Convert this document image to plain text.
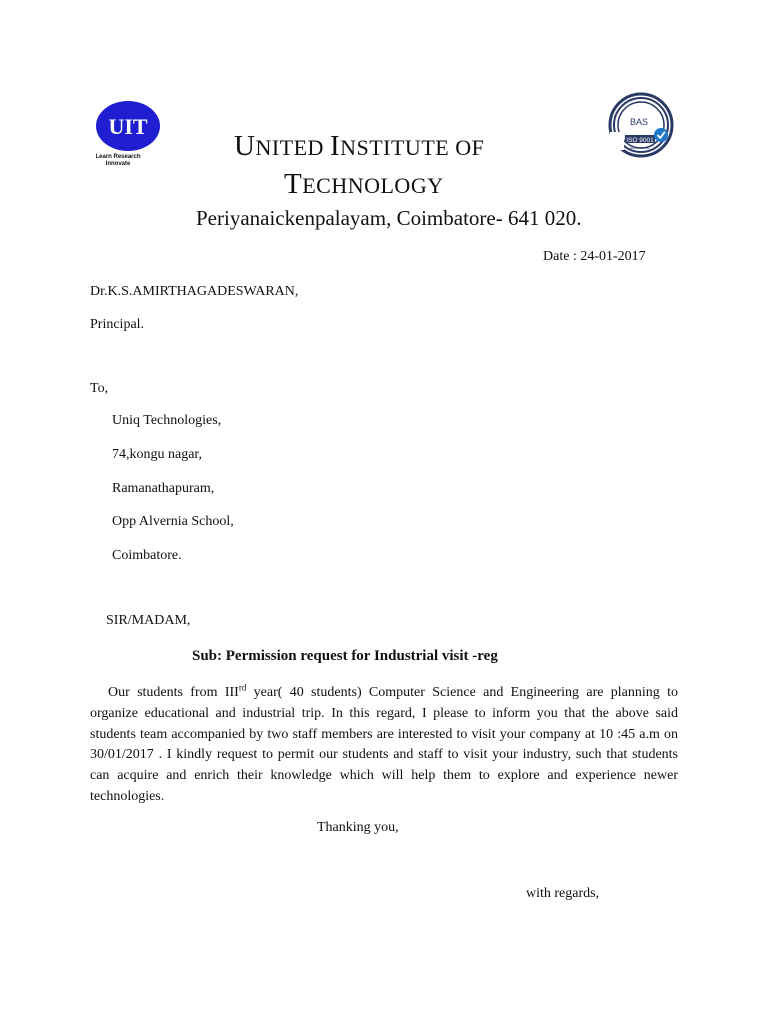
UIT
Learn Research
Innovate
BAS
ISO 9001
REGISTERED
UNITED INSTITUTE OF
TECHNOLOGY
Periyanaickenpalayam, Coimbatore- 641 020.
Date : 24-01-2017
Dr.K.S.AMIRTHAGADESWARAN,
Principal.
To,
Uniq Technologies,
74,kongu nagar,
Ramanathapuram,
Opp Alvernia School,
Coimbatore.
SIR/MADAM,
Sub: Permission request for Industrial visit -reg
Our students from IIIrd year( 40 students) Computer Science and Engineering are planning to organize educational and industrial trip. In this regard, I please to inform you that the above said students team accompanied by two staff members are interested to visit your company at 10 :45 a.m on 30/01/2017 . I kindly request to permit our students and staff to visit your industry, such that students can acquire and enrich their knowledge which will help them to explore and experience newer technologies.
Thanking you,
with regards,
